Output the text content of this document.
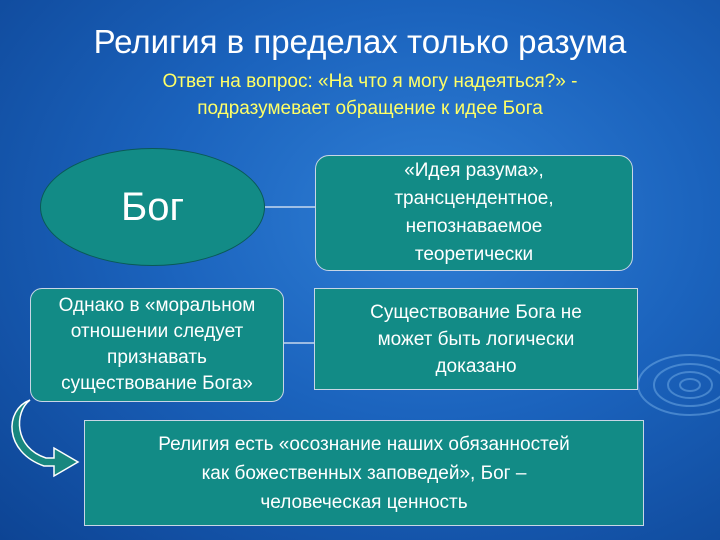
Религия в пределах только разума
Ответ на вопрос: «На что я могу надеяться?» -
подразумевает обращение к идее Бога
Бог
«Идея разума»,
трансцендентное,
непознаваемое
теоретически
Однако в «моральном
отношении следует
признавать
существование Бога»
Существование Бога не
может быть логически
доказано
Религия есть «осознание наших обязанностей
как божественных заповедей», Бог –
человеческая ценность
